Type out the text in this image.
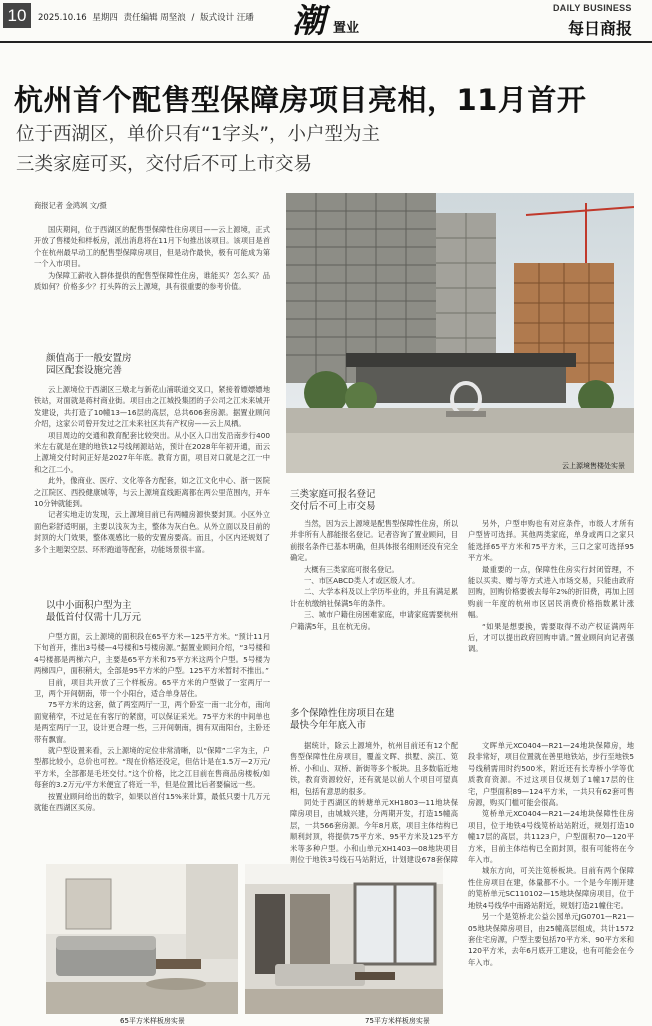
10	2025.10.16 星期四 责任编辑 周坚浪 / 版式设计 汪璠 潮 置业
DAILY BUSINESS
每日商报
杭州首个配售型保障房项目亮相，11月首开
位于西湖区，单价只有“1字头”，小户型为主
三类家庭可买，交付后不可上市交易
商报记者 金鸿飒 文/摄

国庆期间，位于西湖区的配售型保障性住房项目——云上源境，正式开放了售楼处和样板房，派出消息将在11月下旬推出该项目。该项目是首个在杭州最早动工的配售型保障房项目，但是动作最快，极有可能成为第一个入市项目。

为保障工薪收入群体提供的配售型保障性住房，谁能买？怎么买？品质如何？价格多少？打头阵的云上源境，具有很重要的参考价值。

云上源境售楼处实景
颜值高于一般安置房
园区配套设施完善

云上源境位于西湖区三墩北与新花山浦联道交叉口，紧接着嫖嫖嫖地铁站，对面就是蒋村商业街。项目由之江城投集团的子公司之江未来城开发建设，共打造了10幢13—16层的高层，总共606套房源。据置业顾问介绍，这家公司曾开发过之江未来社区共有产权房——云上凤栖。

项目周边的交通和教育配套比较突出。从小区入口出发沿南步行400米左右就是在建的地铁12号线闸源站站，预计在2028年年初开通，而云上源境交付时间正好是2027年年底。教育方面，项目对口就是之江一中和之江二小。

此外，像商业、医疗、文化等各方配套，如之江文化中心、浙一医院之江院区、西投健康城等，与云上源境直线距离都在两公里范围内，开车10分钟就能到。

记者实地走访发现，云上源境目前已有两幢房源快要封顶。小区外立面色彩舒适明丽，主要以浅灰为主，整体为灰白色。从外立面以及目前的封顶的大门效果，整体观感比一般的安置房要高。而且，小区内还规划了多个主题架空层、环形跑道等配套，功能场景很丰富。

以中小面积户型为主
最低首付仅需十几万元

户型方面，云上源境的面积段在65平方米—125平方米。“预计11月下旬首开，推出3号楼—4号楼和5号楼房源。”据置业顾问介绍，“3号楼和4号楼都是两梯六户，主要是65平方米和75平方米这两个户型。5号楼为两梯四户，面积稍大，全部是95平方米的户型。125平方米暂时不推出。”

目前，项目共开放了三个样板房。65平方米的户型做了一室两厅一卫，两个开间朝南，带一个小阳台，适合单身居住。

75平方米的这套，做了两室两厅一卫，两个卧室一南一北分布，南向面宽稍窄，不过足在有客厅的紧窗，可以保证采光。75平方米的中间单也是两室两厅一卫，设计更合理一些，三开间朝南，拥有双南阳台，主卧还带有飘窗。

就户型设置来看，云上源境的定位非常清晰，以“保障”二字为主，户型都比较小，总价也可控。“现在价格还没定，但估计是在1.5万—2万元/平方米，全部都是毛坯交付。”这个价格，比之江目前在售商品房楼板/如每套的3.2万元/平方米便宜了将近一半，但是位置比后者要偏远一些。

按置业顾问给出的数字，如果以首付15%来计算，最低只要十几万元就能在西湖区买房。

三类家庭可报名登记
交付后不可上市交易

当然，因为云上源境是配售型保障性住房，所以并非所有人都能报名登记。记者咨询了置业顾问，目前报名条件已基本明确，但具体报名细则还没有完全确定。

大概有三类家庭可报名登记。

一、市区ABCD类人才或区级人才。

二、大学本科及以上学历毕业的，并且有满足累计在杭缴纳社保满5年的条件。

三、城市户籍住房困难家庭，申请家庭需要杭州户籍满5年，且在杭无房。

另外，户型申购也有对应条件，市级人才所有户型皆可选择。其他两类家庭，单身或两口之家只能选择65平方米和75平方米，三口之家可选择95平方米。

最重要的一点，保障性住房实行封闭管理，不能以买卖、赠与等方式进入市场交易，只能由政府回购，回购价格要被去每年2%的折旧费，再加上回购前一年度的杭州市区居民消费价格指数累计涨幅。

“如果是想要换，需要取得不动产权证满两年后，才可以提出政府回购申请。”置业顾问向记者强调。

多个保障性住房项目在建
最快今年年底入市

据统计，除云上源境外，杭州目前还有12个配售型保障性住房项目，覆盖文晖、拱墅、滨江、笕桥、小和山、双桥、新街等多个板块。且多数临近地铁，教育资源较好，还有就是以前人个项目可望真相，包括有意思的很多。

同处于西湖区的转塘单元XH1803—11地块保障房项目，由城城兴建，分两期开发，打造15幢高层，一共566套房源。今年8月底，项目主体结构已顺利封顶，将提供75平方米、95平方米及125平方米等多种户型。小和山单元XH1403—08地块项目则位于地铁3号线石马站附近，计划建设678套保障

文晖单元XC0404—R21—24地块保障房，地段非常好，项目位置就在善里地铁站，步行至地铁5号线稍需用时约500米，附近还有长寿桥小学等优质教育资源。不过这项目仅规划了1幢17层的住宅，户型面积89—124平方米，一共只有62套可售房源，购买门槛可能会很高。

笕桥单元XC0404—R21—24地块保障性住房项目，位于地铁4号线笕桥站站附近，规划打造10幢17层的高层，共1123户，户型面积70—120平方米，目前主体结构已全面封顶，很有可能将在今年入市。

城东方向，可关注笕桥板块。目前有两个保障性住房项目在建，体量都不小。一个是今年刚开建的笕桥单元SC110102—15地块保障房项目，位于地铁4号线华中南路站附近，规划打造21幢住宅。

另一个是笕桥北公益公园单元JG0701—R21—05地块保障房项目，由25幢高层组成，共计1572套住宅房源，户型主要包括70平方米、90平方米和120平方米，去年6月底开工建设，也有可能会在今年入市。

65平方米样板房实景	75平方米样板房实景
